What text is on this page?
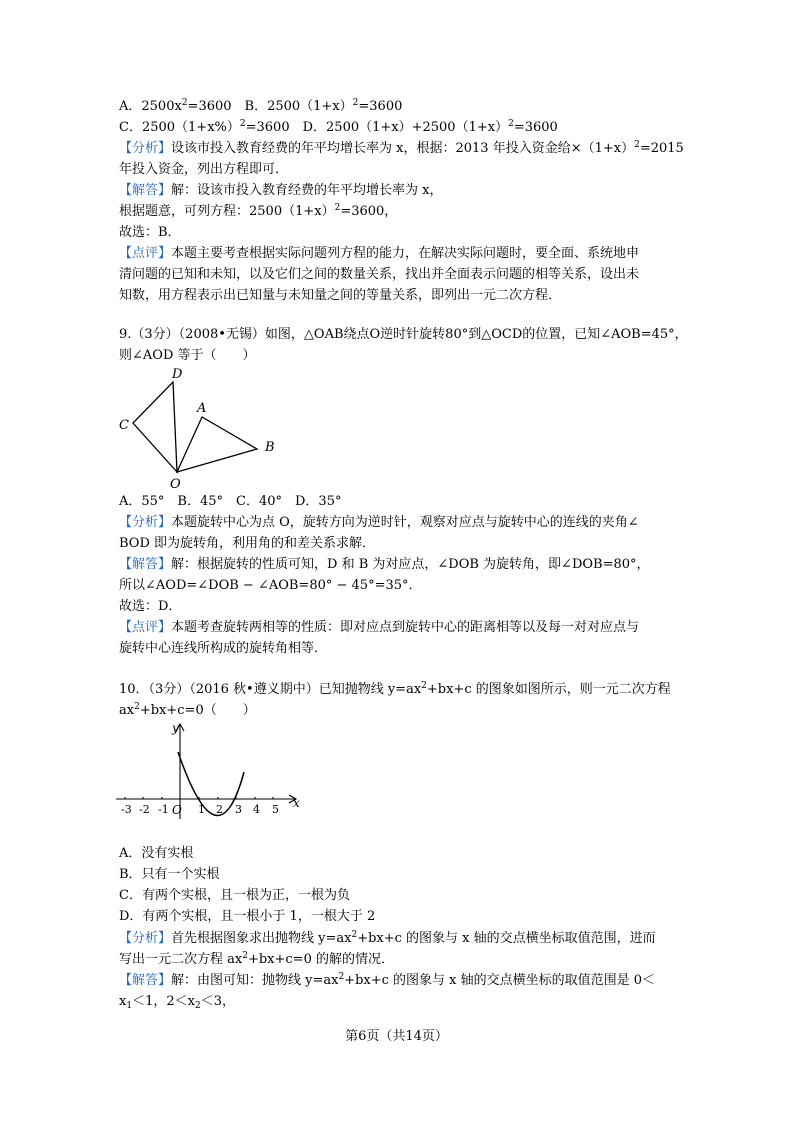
A．$2500x^2=3600$　B．$2500(1+x)^2=3600$
C．$2500(1+x\%)^2=3600$　D．$2500(1+x)+2500(1+x)^2=3600$
【分析】设该市投入教育经费的年平均增长率为 x，根据：2013 年投入资金给$\times(1+x)^2=2015$
年投入资金，列出方程即可．
【解答】解：设该市投入教育经费的年平均增长率为 x，
根据题意，可列方程：$2500(1+x)^2=3600$，
故选：B．
【点评】本题主要考查根据实际问题列方程的能力，在解决实际问题时，要全面、系统地申
清问题的已知和未知，以及它们之间的数量关系，找出并全面表示问题的相等关系，设出未
知数，用方程表示出已知量与未知量之间的等量关系，即列出一元二次方程．
9.（3分）（2008•无锡）如图，△OAB绕点O逆时针旋转80°到△OCD的位置，已知∠AOB=45°，
则∠AOD 等于（　　）
D
A
C
B
O
A．55°　B．45°　C．40°　D．35°
【分析】本题旋转中心为点 O，旋转方向为逆时针，观察对应点与旋转中心的连线的夹角∠
BOD 即为旋转角，利用角的和差关系求解．
【解答】解：根据旋转的性质可知，D 和 B 为对应点，∠DOB 为旋转角，即∠DOB=80°，
所以∠AOD=∠DOB − ∠AOB=80° − 45°=35°．
故选：D．
【点评】本题考查旋转两相等的性质：即对应点到旋转中心的距离相等以及每一对对应点与
旋转中心连线所构成的旋转角相等．
10．（3分）（2016 秋•遵义期中）已知抛物线 $y=ax^2+bx+c$ 的图象如图所示，则一元二次方程
$ax^2+bx+c=0$（　　）
-3 -2 -1	1 2 3 4 5
y
x
O
A．没有实根
B．只有一个实根
C．有两个实根，且一根为正，一根为负
D．有两个实根，且一根小于 1，一根大于 2
【分析】首先根据图象求出抛物线 $y=ax^2+bx+c$ 的图象与 x 轴的交点横坐标取值范围，进而
写出一元二次方程 $ax^2+bx+c=0$ 的解的情况．
【解答】解：由图可知：抛物线 $y=ax^2+bx+c$ 的图象与 x 轴的交点横坐标的取值范围是 0＜
$x_1<1$，$2<x_2<3$，
第6页（共14页）
